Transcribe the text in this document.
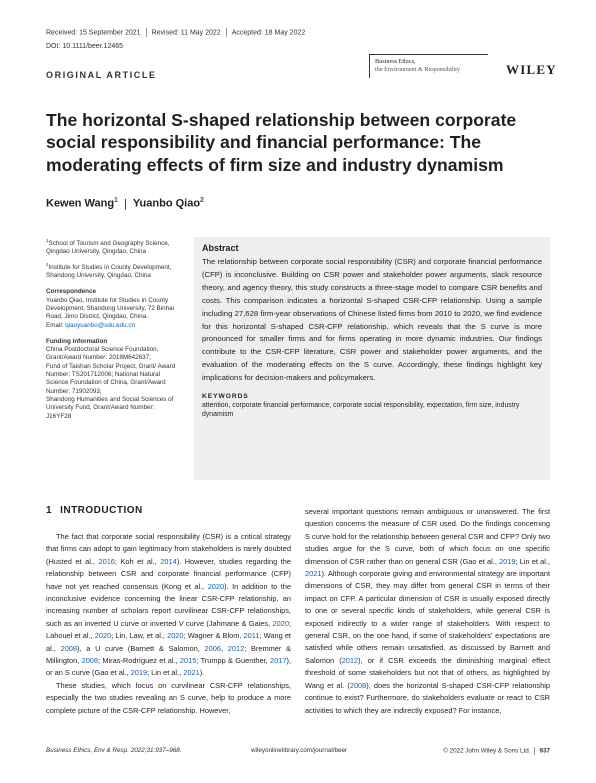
Received: 15 September 2021 Revised: 11 May 2022 Accepted: 18 May 2022
DOI: 10.1111/beer.12465
ORIGINAL ARTICLE
Business Ethics,
the Environment & Responsibility	WILEY
The horizontal S-shaped relationship between corporate social responsibility and financial performance: The moderating effects of firm size and industry dynamism
Kewen Wang$^1$ | Yuanbo Qiao$^2$

$^1$School of Tourism and Geography Science, Qingdao University, Qingdao, China

$^2$Institute for Studies in County Development, Shandong University, Qingdao, China

Correspondence

Yuanbo Qiao, Institute for Studies in County Development, Shandong University, 72 Binhai Road, Jimo District, Qingdao, China.
Email: qiaoyuanbo@sdu.edu.cn

Funding information

China Postdoctoral Science Foundation, Grant/Award Number: 2018M642637;
Fund of Taishan Scholar Project, Grant/ Award Number: TS201712006; National Natural Science Foundation of China, Grant/Award Number: 71902093;
Shandong Humanities and Social Sciences of University Fund, Grant/Award Number: J16YF28

Abstract

The relationship between corporate social responsibility (CSR) and corporate financial performance (CFP) is inconclusive. Building on CSR power and stakeholder power arguments, slack resource theory, and agency theory, this study constructs a three-stage model to compare CSR benefits and costs. This comparison indicates a horizontal S-shaped CSR-CFP relationship. Using a sample including 27,628 firm-year observations of Chinese listed firms from 2010 to 2020, we find evidence for this horizontal S-shaped CSR-CFP relationship, which reveals that the S curve is more pronounced for smaller firms and for firms operating in more dynamic industries. Our findings contribute to the CSR-CFP literature, CSR power and stakeholder power arguments, and the evaluation of the moderating effects on the S curve. Accordingly, these findings highlight key implications for decision-makers and policymakers.

KEYWORDS

attention, corporate financial performance, corporate social responsibility, expectation, firm size, industry dynamism

1 INTRODUCTION

The fact that corporate social responsibility (CSR) is a critical strategy that firms can adopt to gain legitimacy from stakeholders is rarely doubted (Husted et al., 2016; Koh et al., 2014). However, studies regarding the relationship between CSR and corporate financial performance (CFP) have not yet reached consensus (Kong et al., 2020). In addition to the inconclusive evidence concerning the linear CSR-CFP relationship, an increasing number of scholars report curvilinear CSR-CFP relationships, such as an inverted U curve or inverted V curve (Jahmane & Gaies, 2020; Lahouel et al., 2020; Lin, Law, et al., 2020; Wagner & Blom, 2011; Wang et al., 2008), a U curve (Barnett & Salomon, 2006, 2012; Bremmer & Millington, 2008; Miras-Rodríguez et al., 2015; Trumpp & Guenther, 2017), or an S curve (Gao et al., 2019; Lin et al., 2021).

These studies, which focus on curvilinear CSR-CFP relationships, especially the two studies revealing an S curve, help to produce a more complete picture of the CSR-CFP relationship. However,

several important questions remain ambiguous or unanswered. The first question concerns the measure of CSR used. Do the findings concerning S curve hold for the relationship between general CSR and CFP? Only two studies argue for the S curve, both of which focus on one specific dimension of CSR rather than on general CSR (Gao et al., 2019; Lin et al., 2021). Although corporate giving and environmental strategy are important dimensions of CSR, they may differ from general CSR in terms of their impact on CFP. A particular dimension of CSR is usually exposed directly to one or several specific kinds of stakeholders, while general CSR is exposed indirectly to a wider range of stakeholders. With respect to general CSR, on the one hand, if some of stakeholders' expectations are satisfied while others remain unsatisfied, as discussed by Barnett and Salomon (2012), or if CSR exceeds the diminishing marginal effect threshold of some stakeholders but not that of others, as highlighted by Wang et al. (2008), does the horizontal S-shaped CSR-CFP relationship continue to exist? Furthermore, do stakeholders evaluate or react to CSR activities to which they are indirectly exposed? For instance,

Business Ethics, Env & Resp. 2022;31:937–968.	wileyonlinelibrary.com/journal/beer	© 2022 John Wiley & Sons Ltd. 937
